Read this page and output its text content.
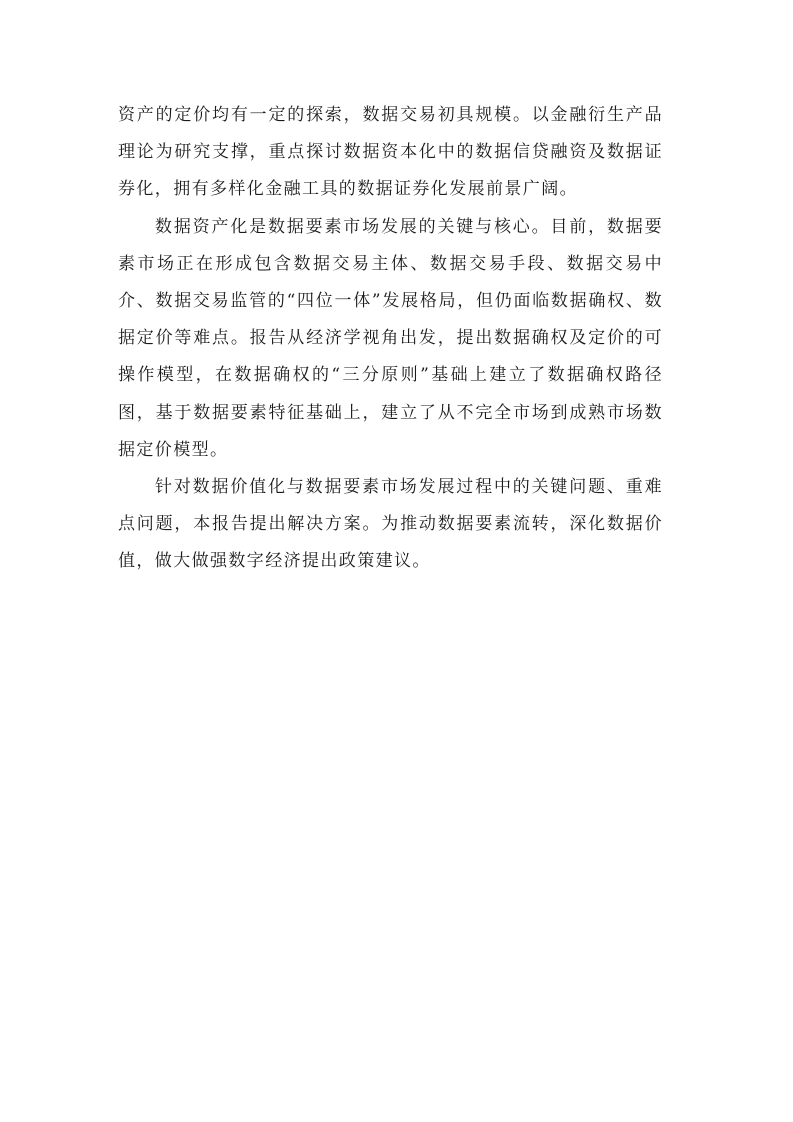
资产的定价均有一定的探索，数据交易初具规模。以金融衍生产品理论为研究支撑，重点探讨数据资本化中的数据信贷融资及数据证券化，拥有多样化金融工具的数据证券化发展前景广阔。

数据资产化是数据要素市场发展的关键与核心。目前，数据要素市场正在形成包含数据交易主体、数据交易手段、数据交易中介、数据交易监管的“四位一体”发展格局，但仍面临数据确权、数据定价等难点。报告从经济学视角出发，提出数据确权及定价的可操作模型，在数据确权的“三分原则”基础上建立了数据确权路径图，基于数据要素特征基础上，建立了从不完全市场到成熟市场数据定价模型。

针对数据价值化与数据要素市场发展过程中的关键问题、重难点问题，本报告提出解决方案。为推动数据要素流转，深化数据价值，做大做强数字经济提出政策建议。
